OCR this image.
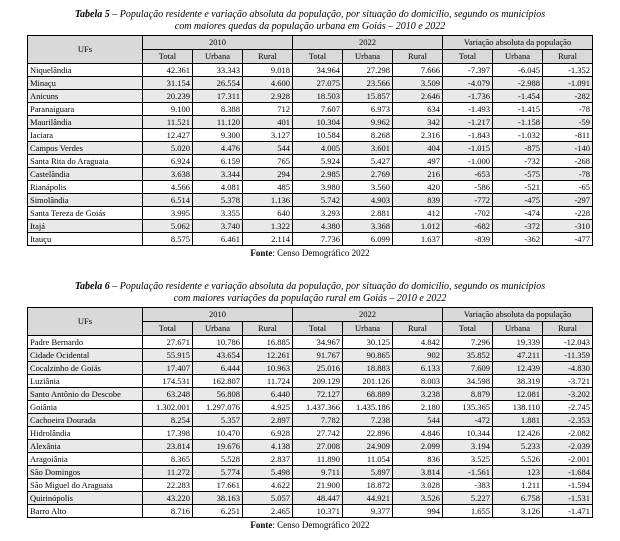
Tabela 5 – População residente e variação absoluta da população, por situação do domicílio, segundo os municípios
com maiores quedas da população urbana em Goiás – 2010 e 2022
UFs	2010			2022			Variação absoluta da população		
	Total	Urbana	Rural	Total	Urbana	Rural	Total	Urbana	Rural
Niquelândia	42.361	33.343	9.018	34.964	27.298	7.666	-7.397	-6.045	-1.352
Minaçu	31.154	26.554	4.600	27.075	23.566	3.509	-4.079	-2.988	-1.091
Anicuns	20.239	17.311	2.928	18.503	15.857	2.646	-1.736	-1.454	-282
Paranaiguara	9.100	8.388	712	7.607	6.973	634	-1.493	-1.415	-78
Maurilândia	11.521	11.120	401	10.304	9.962	342	-1.217	-1.158	-59
Iaciara	12.427	9.300	3.127	10.584	8.268	2.316	-1.843	-1.032	-811
Campos Verdes	5.020	4.476	544	4.005	3.601	404	-1.015	-875	-140
Santa Rita do Araguaia	6.924	6.159	765	5.924	5.427	497	-1.000	-732	-268
Castelândia	3.638	3.344	294	2.985	2.769	216	-653	-575	-78
Rianápolis	4.566	4.081	485	3.980	3.560	420	-586	-521	-65
Simolândia	6.514	5.378	1.136	5.742	4.903	839	-772	-475	-297
Santa Tereza de Goiás	3.995	3.355	640	3.293	2.881	412	-702	-474	-228
Itajá	5.062	3.740	1.322	4.380	3.368	1.012	-682	-372	-310
Itauçu	8.575	6.461	2.114	7.736	6.099	1.637	-839	-362	-477
Fonte: Censo Demográfico 2022
Tabela 6 – População residente e variação absoluta da população, por situação do domicílio, segundo os municípios
com maiores variações da população rural em Goiás – 2010 e 2022
UFs	2010			2022			Variação absoluta da população		
	Total	Urbana	Rural	Total	Urbana	Rural	Total	Urbana	Rural
Padre Bernardo	27.671	10.786	16.885	34.967	30.125	4.842	7.296	19.339	-12.043
Cidade Ocidental	55.915	43.654	12.261	91.767	90.865	902	35.852	47.211	-11.359
Cocalzinho de Goiás	17.407	6.444	10.963	25.016	18.883	6.133	7.609	12.439	-4.830
Luziânia	174.531	162.807	11.724	209.129	201.126	8.003	34.598	38.319	-3.721
Santo Antônio do Descobe	63.248	56.808	6.440	72.127	68.889	3.238	8.879	12.081	-3.202
Goiânia	1.302.001	1.297.076	4.925	1.437.366	1.435.186	2.180	135.365	138.110	-2.745
Cachoeira Dourada	8.254	5.357	2.897	7.782	7.238	544	-472	1.881	-2.353
Hidrolândia	17.398	10.470	6.928	27.742	22.896	4.846	10.344	12.426	-2.082
Alexânia	23.814	19.676	4.138	27.008	24.909	2.099	3.194	5.233	-2.039
Aragoiânia	8.365	5.528	2.837	11.890	11.054	836	3.525	5.526	-2.001
São Domingos	11.272	5.774	5.498	9.711	5.897	3.814	-1.561	123	-1.684
São Miguel do Araguaia	22.283	17.661	4.622	21.900	18.872	3.028	-383	1.211	-1.594
Quirinópolis	43.220	38.163	5.057	48.447	44.921	3.526	5.227	6.758	-1.531
Barro Alto	8.716	6.251	2.465	10.371	9.377	994	1.655	3.126	-1.471
Fonte: Censo Demográfico 2022
